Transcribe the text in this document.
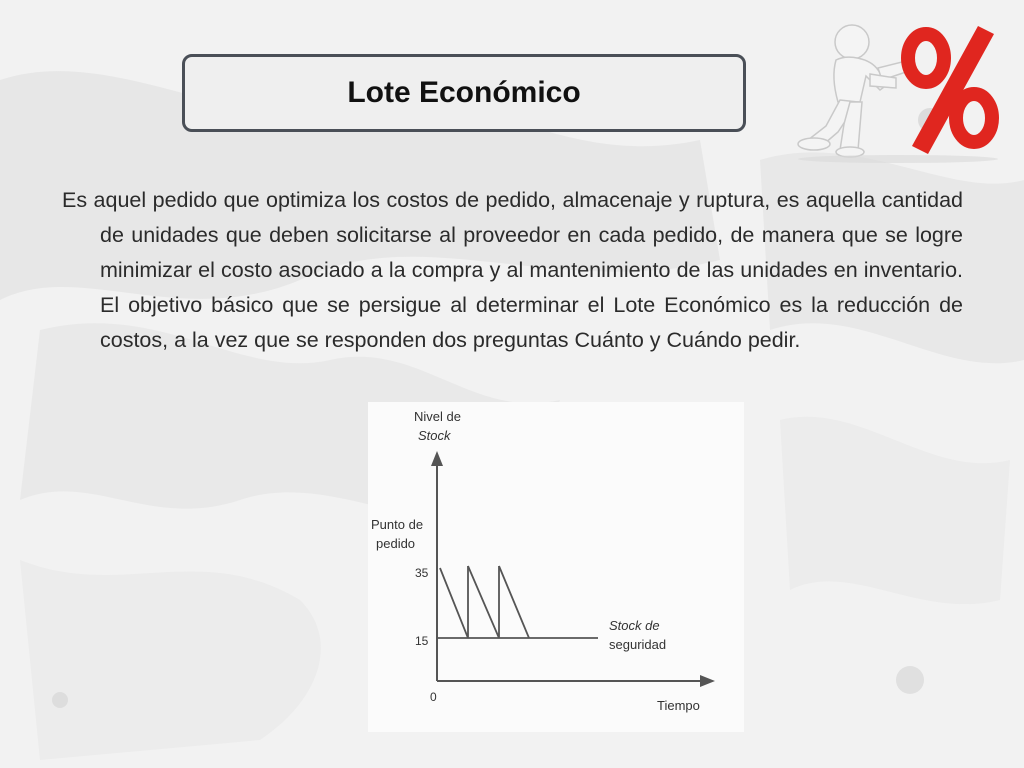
Lote Económico

Es aquel pedido que optimiza los costos de pedido, almacenaje y ruptura, es aquella cantidad de unidades que deben solicitarse al proveedor en cada pedido, de manera que se logre minimizar el costo asociado a la compra y al mantenimiento de las unidades en inventario. El objetivo básico que se persigue al determinar el Lote Económico es la reducción de costos, a la vez que se responden dos preguntas Cuánto y Cuándo pedir.

Nivel de
Stock
Punto de
pedido
35
15
0
Stock de
seguridad
Tiempo
